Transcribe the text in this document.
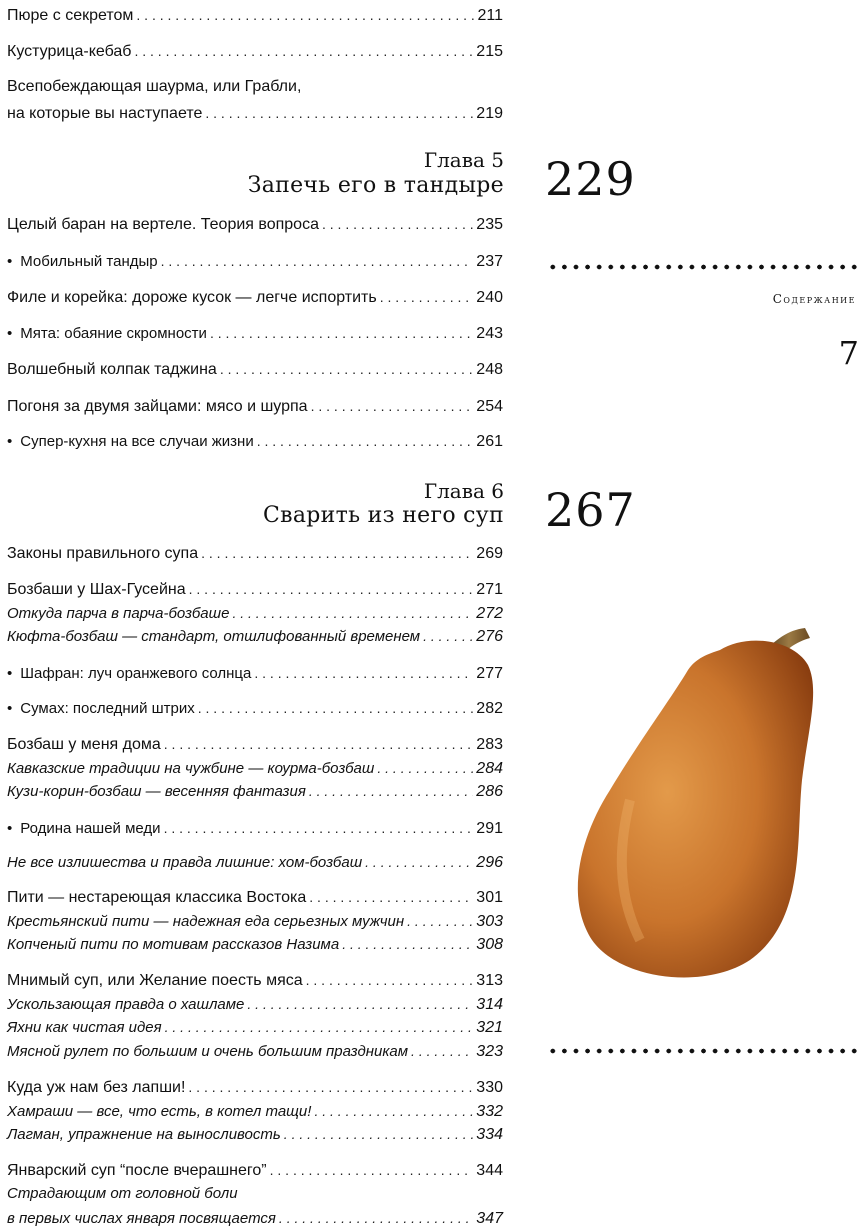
Пюре с секретом . . .	211
Кустурица-кебаб . . .	215
Всепобеждающая шаурма, или Грабли,
на которые вы наступаете . . .	219
Глава 5
Запечь его в тандыре
Целый баран на вертеле. Теория вопроса . . .	235
• Мобильный тандыр . . .	237
Филе и корейка: дороже кусок — легче испортить . . .	240
• Мята: обаяние скромности . . .	243
Волшебный колпак таджина . . .	248
Погоня за двумя зайцами: мясо и шурпа . . .	254
• Супер-кухня на все случаи жизни . . .	261
Глава 6
Сварить из него суп
Законы правильного супа . . .	269
Бозбаши у Шах-Гусейна . . .	271
Откуда парча в парча-бозбаше . . .	272
Кюфта-бозбаш — стандарт, отшлифованный временем . . .	276
• Шафран: луч оранжевого солнца . . .	277
• Сумах: последний штрих . . .	282
Бозбаш у меня дома . . .	283
Кавказские традиции на чужбине — коурма-бозбаш . . .	284
Кузи-корин-бозбаш — весенняя фантазия . . .	286
• Родина нашей меди . . .	291
Не все излишества и правда лишние: хом-бозбаш . . .	296
Пити — нестареющая классика Востока . . .	301
Крестьянский пити — надежная еда серьезных мужчин . . .	303
Копченый пити по мотивам рассказов Назима . . .	308
Мнимый суп, или Желание поесть мяса . . .	313
Ускользающая правда о хашламе . . .	314
Яхни как чистая идея . . .	321
Мясной рулет по большим и очень большим праздникам . . .	323
Куда уж нам без лапши! . . .	330
Хамраши — все, что есть, в котел тащи! . . .	332
Лагман, упражнение на выносливость . . .	334
Январский суп “после вчерашнего” . . .	344
Страдающим от головной боли
в первых числах января посвящается . . .	347
229
267
Содержание
7
